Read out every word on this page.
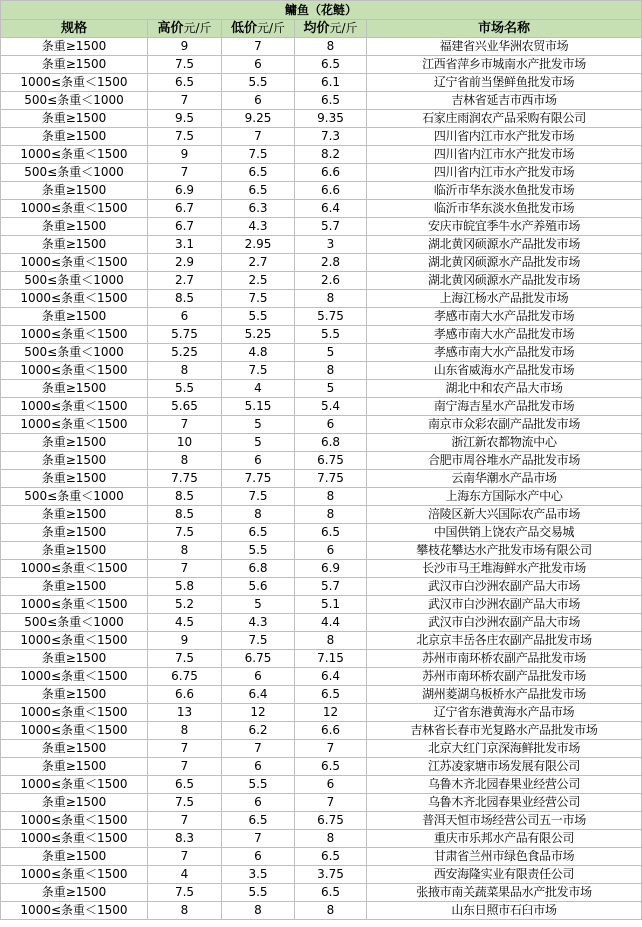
鳙鱼（花鲢）				
规格	高价元/斤	低价元/斤	均价元/斤	市场名称
条重≥1500	9	7	8	福建省兴业华洲农贸市场
条重≥1500	7.5	6	6.5	江西省萍乡市城南水产批发市场
1000≤条重＜1500	6.5	5.5	6.1	辽宁省前当堡鲜鱼批发市场
500≤条重＜1000	7	6	6.5	吉林省延吉市西市场
条重≥1500	9.5	9.25	9.35	石家庄雨润农产品采购有限公司
条重≥1500	7.5	7	7.3	四川省内江市水产批发市场
1000≤条重＜1500	9	7.5	8.2	四川省内江市水产批发市场
500≤条重＜1000	7	6.5	6.6	四川省内江市水产批发市场
条重≥1500	6.9	6.5	6.6	临沂市华东淡水鱼批发市场
1000≤条重＜1500	6.7	6.3	6.4	临沂市华东淡水鱼批发市场
条重≥1500	6.7	4.3	5.7	安庆市皖宜季牛水产养殖市场
条重≥1500	3.1	2.95	3	湖北黄冈硕源水产品批发市场
1000≤条重＜1500	2.9	2.7	2.8	湖北黄冈硕源水产品批发市场
500≤条重＜1000	2.7	2.5	2.6	湖北黄冈硕源水产品批发市场
1000≤条重＜1500	8.5	7.5	8	上海江杨水产品批发市场
条重≥1500	6	5.5	5.75	孝感市南大水产品批发市场
1000≤条重＜1500	5.75	5.25	5.5	孝感市南大水产品批发市场
500≤条重＜1000	5.25	4.8	5	孝感市南大水产品批发市场
1000≤条重＜1500	8	7.5	8	山东省威海水产品批发市场
条重≥1500	5.5	4	5	湖北中和农产品大市场
1000≤条重＜1500	5.65	5.15	5.4	南宁海吉星水产品批发市场
1000≤条重＜1500	7	5	6	南京市众彩农副产品批发市场
条重≥1500	10	5	6.8	浙江新农都物流中心
条重≥1500	8	6	6.75	合肥市周谷堆水产品批发市场
条重≥1500	7.75	7.75	7.75	云南华潮水产品市场
500≤条重＜1000	8.5	7.5	8	上海东方国际水产中心
条重≥1500	8.5	8	8	涪陵区新大兴国际农产品市场
条重≥1500	7.5	6.5	6.5	中国供销上饶农产品交易城
条重≥1500	8	5.5	6	攀枝花攀达水产批发市场有限公司
1000≤条重＜1500	7	6.8	6.9	长沙市马王堆海鲜水产批发市场
条重≥1500	5.8	5.6	5.7	武汉市白沙洲农副产品大市场
1000≤条重＜1500	5.2	5	5.1	武汉市白沙洲农副产品大市场
500≤条重＜1000	4.5	4.3	4.4	武汉市白沙洲农副产品大市场
1000≤条重＜1500	9	7.5	8	北京京丰岳各庄农副产品批发市场
条重≥1500	7.5	6.75	7.15	苏州市南环桥农副产品批发市场
1000≤条重＜1500	6.75	6	6.4	苏州市南环桥农副产品批发市场
条重≥1500	6.6	6.4	6.5	湖州菱湖乌板桥水产品批发市场
1000≤条重＜1500	13	12	12	辽宁省东港黄海水产品市场
1000≤条重＜1500	8	6.2	6.6	吉林省长春市光复路水产品批发市场
条重≥1500	7	7	7	北京大红门京深海鲜批发市场
条重≥1500	7	6	6.5	江苏凌家塘市场发展有限公司
1000≤条重＜1500	6.5	5.5	6	乌鲁木齐北园春果业经营公司
条重≥1500	7.5	6	7	乌鲁木齐北园春果业经营公司
1000≤条重＜1500	7	6.5	6.75	普洱天恒市场经营公司五一市场
1000≤条重＜1500	8.3	7	8	重庆市乐邦水产品有限公司
条重≥1500	7	6	6.5	甘肃省兰州市绿色食品市场
1000≤条重＜1500	4	3.5	3.75	西安海隆实业有限责任公司
条重≥1500	7.5	5.5	6.5	张掖市南关蔬菜果品水产批发市场
1000≤条重＜1500	8	8	8	山东日照市石臼市场
